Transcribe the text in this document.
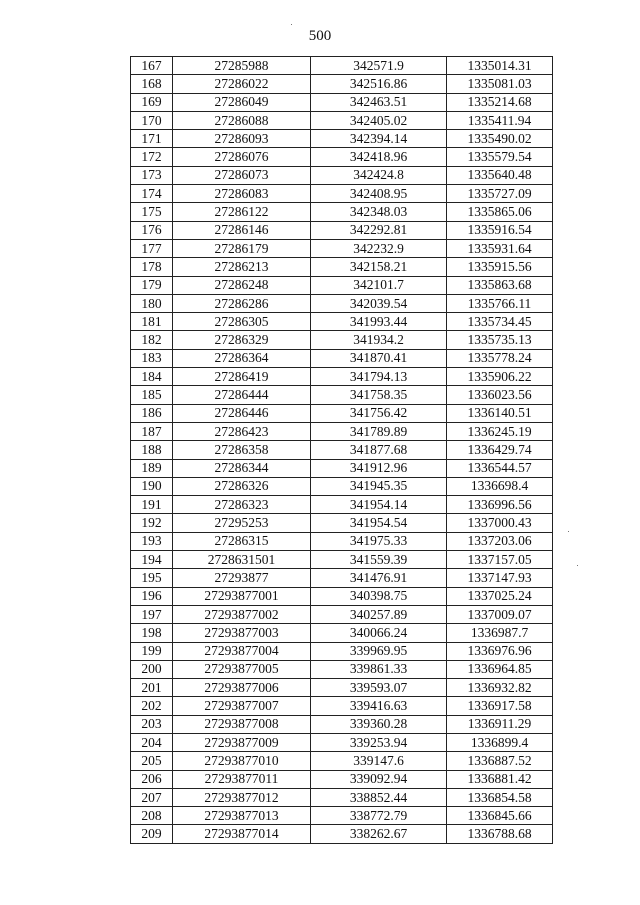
500
167	27285988	342571.9	1335014.31
168	27286022	342516.86	1335081.03
169	27286049	342463.51	1335214.68
170	27286088	342405.02	1335411.94
171	27286093	342394.14	1335490.02
172	27286076	342418.96	1335579.54
173	27286073	342424.8	1335640.48
174	27286083	342408.95	1335727.09
175	27286122	342348.03	1335865.06
176	27286146	342292.81	1335916.54
177	27286179	342232.9	1335931.64
178	27286213	342158.21	1335915.56
179	27286248	342101.7	1335863.68
180	27286286	342039.54	1335766.11
181	27286305	341993.44	1335734.45
182	27286329	341934.2	1335735.13
183	27286364	341870.41	1335778.24
184	27286419	341794.13	1335906.22
185	27286444	341758.35	1336023.56
186	27286446	341756.42	1336140.51
187	27286423	341789.89	1336245.19
188	27286358	341877.68	1336429.74
189	27286344	341912.96	1336544.57
190	27286326	341945.35	1336698.4
191	27286323	341954.14	1336996.56
192	27295253	341954.54	1337000.43
193	27286315	341975.33	1337203.06
194	2728631501	341559.39	1337157.05
195	27293877	341476.91	1337147.93
196	27293877001	340398.75	1337025.24
197	27293877002	340257.89	1337009.07
198	27293877003	340066.24	1336987.7
199	27293877004	339969.95	1336976.96
200	27293877005	339861.33	1336964.85
201	27293877006	339593.07	1336932.82
202	27293877007	339416.63	1336917.58
203	27293877008	339360.28	1336911.29
204	27293877009	339253.94	1336899.4
205	27293877010	339147.6	1336887.52
206	27293877011	339092.94	1336881.42
207	27293877012	338852.44	1336854.58
208	27293877013	338772.79	1336845.66
209	27293877014	338262.67	1336788.68
